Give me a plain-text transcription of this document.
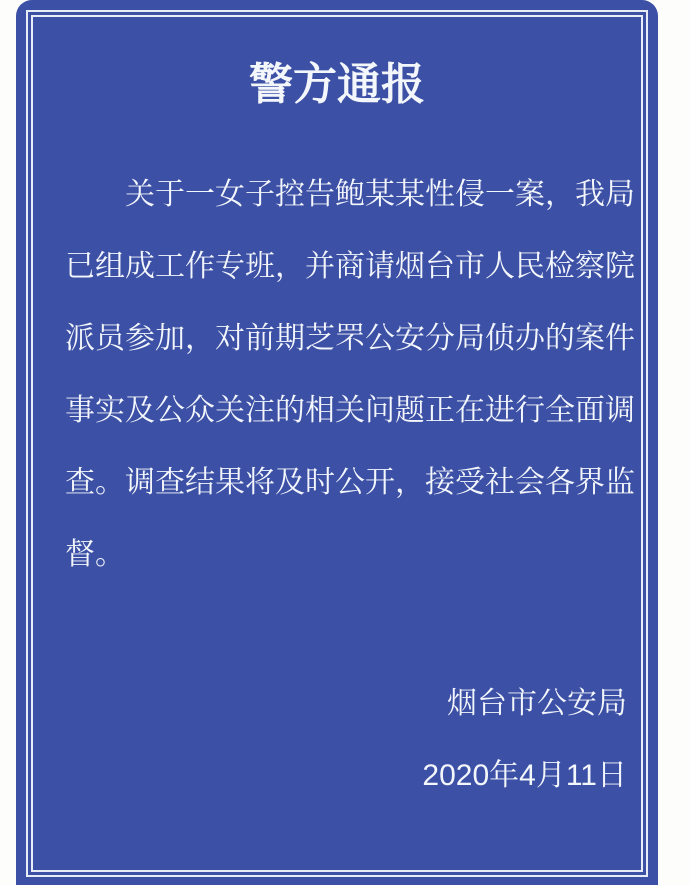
警方通报
关于一女子控告鲍某某性侵一案，我局
已组成工作专班，并商请烟台市人民检察院
派员参加，对前期芝罘公安分局侦办的案件
事实及公众关注的相关问题正在进行全面调
查。调查结果将及时公开，接受社会各界监
督。
烟台市公安局
2020年4月11日
